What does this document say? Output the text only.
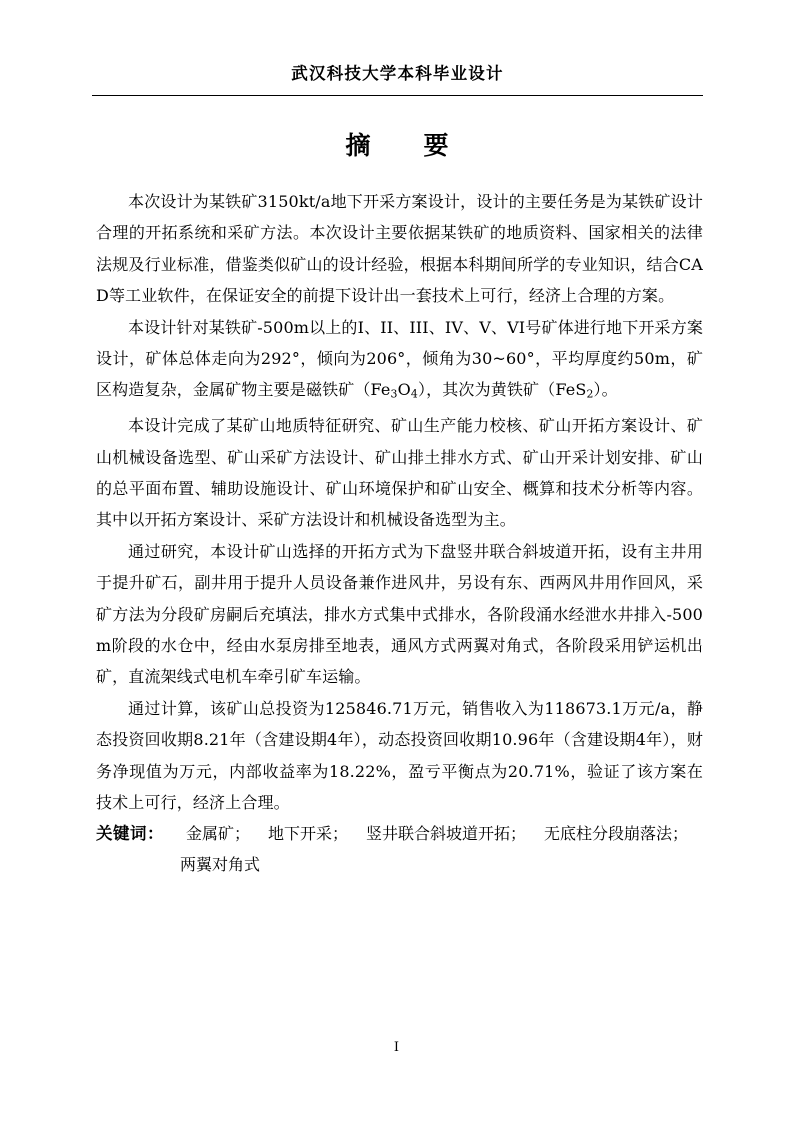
武汉科技大学本科毕业设计
摘　　要

本次设计为某铁矿3150kt/a地下开采方案设计，设计的主要任务是为某铁矿设计合理的开拓系统和采矿方法。本次设计主要依据某铁矿的地质资料、国家相关的法律法规及行业标准，借鉴类似矿山的设计经验，根据本科期间所学的专业知识，结合CAD等工业软件，在保证安全的前提下设计出一套技术上可行，经济上合理的方案。

本设计针对某铁矿-500m以上的I、II、III、IV、V、VI号矿体进行地下开采方案设计，矿体总体走向为292°，倾向为206°，倾角为30~60°，平均厚度约50m，矿区构造复杂，金属矿物主要是磁铁矿$(Fe_3O_4)$，其次为黄铁矿（FeS$_2$）。

本设计完成了某矿山地质特征研究、矿山生产能力校核、矿山开拓方案设计、矿山机械设备选型、矿山采矿方法设计、矿山排土排水方式、矿山开采计划安排、矿山的总平面布置、辅助设施设计、矿山环境保护和矿山安全、概算和技术分析等内容。其中以开拓方案设计、采矿方法设计和机械设备选型为主。

通过研究，本设计矿山选择的开拓方式为下盘竖井联合斜坡道开拓，设有主井用于提升矿石，副井用于提升人员设备兼作进风井，另设有东、西两风井用作回风，采矿方法为分段矿房嗣后充填法，排水方式集中式排水，各阶段涌水经泄水井排入-500m阶段的水仓中，经由水泵房排至地表，通风方式两翼对角式，各阶段采用铲运机出矿，直流架线式电机车牵引矿车运输。

通过计算，该矿山总投资为125846.71万元，销售收入为118673.1万元/a，静态投资回收期8.21年（含建设期4年），动态投资回收期10.96年（含建设期4年），财务净现值为万元，内部收益率为18.22%，盈亏平衡点为20.71%，验证了该方案在技术上可行，经济上合理。

关键词： 金属矿； 地下开采； 竖井联合斜坡道开拓； 无底柱分段崩落法；
两翼对角式
I
